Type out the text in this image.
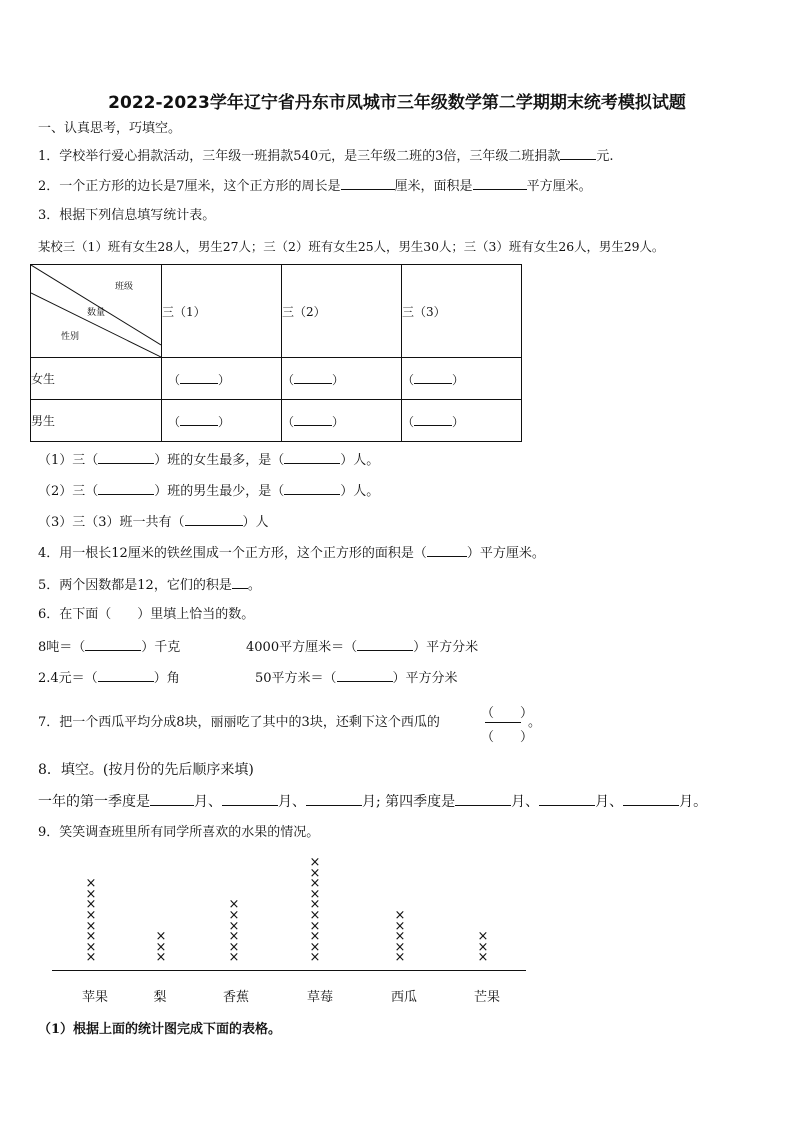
2022-2023学年辽宁省丹东市凤城市三年级数学第二学期期末统考模拟试题
一、认真思考，巧填空。
1．学校举行爱心捐款活动，三年级一班捐款540元，是三年级二班的3倍，三年级二班捐款	元.
2．一个正方形的边长是7厘米，这个正方形的周长是	厘米，面积是	平方厘米。
3．根据下列信息填写统计表。
某校三（1）班有女生28人，男生27人；三（2）班有女生25人，男生30人；三（3）班有女生26人，男生29人。
班级
数量
性别	三（1）	三（2）	三（3）
女生	（ ）	（ ）	（ ）
男生	（ ）	（ ）	（ ）
（1）三（	）班的女生最多，是（	）人。
（2）三（	）班的男生最少，是（	）人。
（3）三（3）班一共有（	）人
4．用一根长12厘米的铁丝围成一个正方形，这个正方形的面积是（	）平方厘米。
5．两个因数都是12，它们的积是 。
6．在下面（　　）里填上恰当的数。
8吨＝（	）千克	4000平方厘米＝（	）平方分米
2.4元＝（	）角	50平方米＝（	）平方分米
7．把一个西瓜平均分成8块，丽丽吃了其中的3块，还剩下这个西瓜的
（　　）
（　　）
。
8．填空。(按月份的先后顺序来填)
一年的第一季度是	月、	月、	月; 第四季度是	月、	月、	月。
9．笑笑调查班里所有同学所喜欢的水果的情况。
×
×
×
×
×
×
×
×
苹果
×
×
×
梨
×
×
×
×
×
×
香蕉
×
×
×
×
×
×
×
×
×
×
草莓
×
×
×
×
×
西瓜
×
×
×
芒果
（1）根据上面的统计图完成下面的表格。
